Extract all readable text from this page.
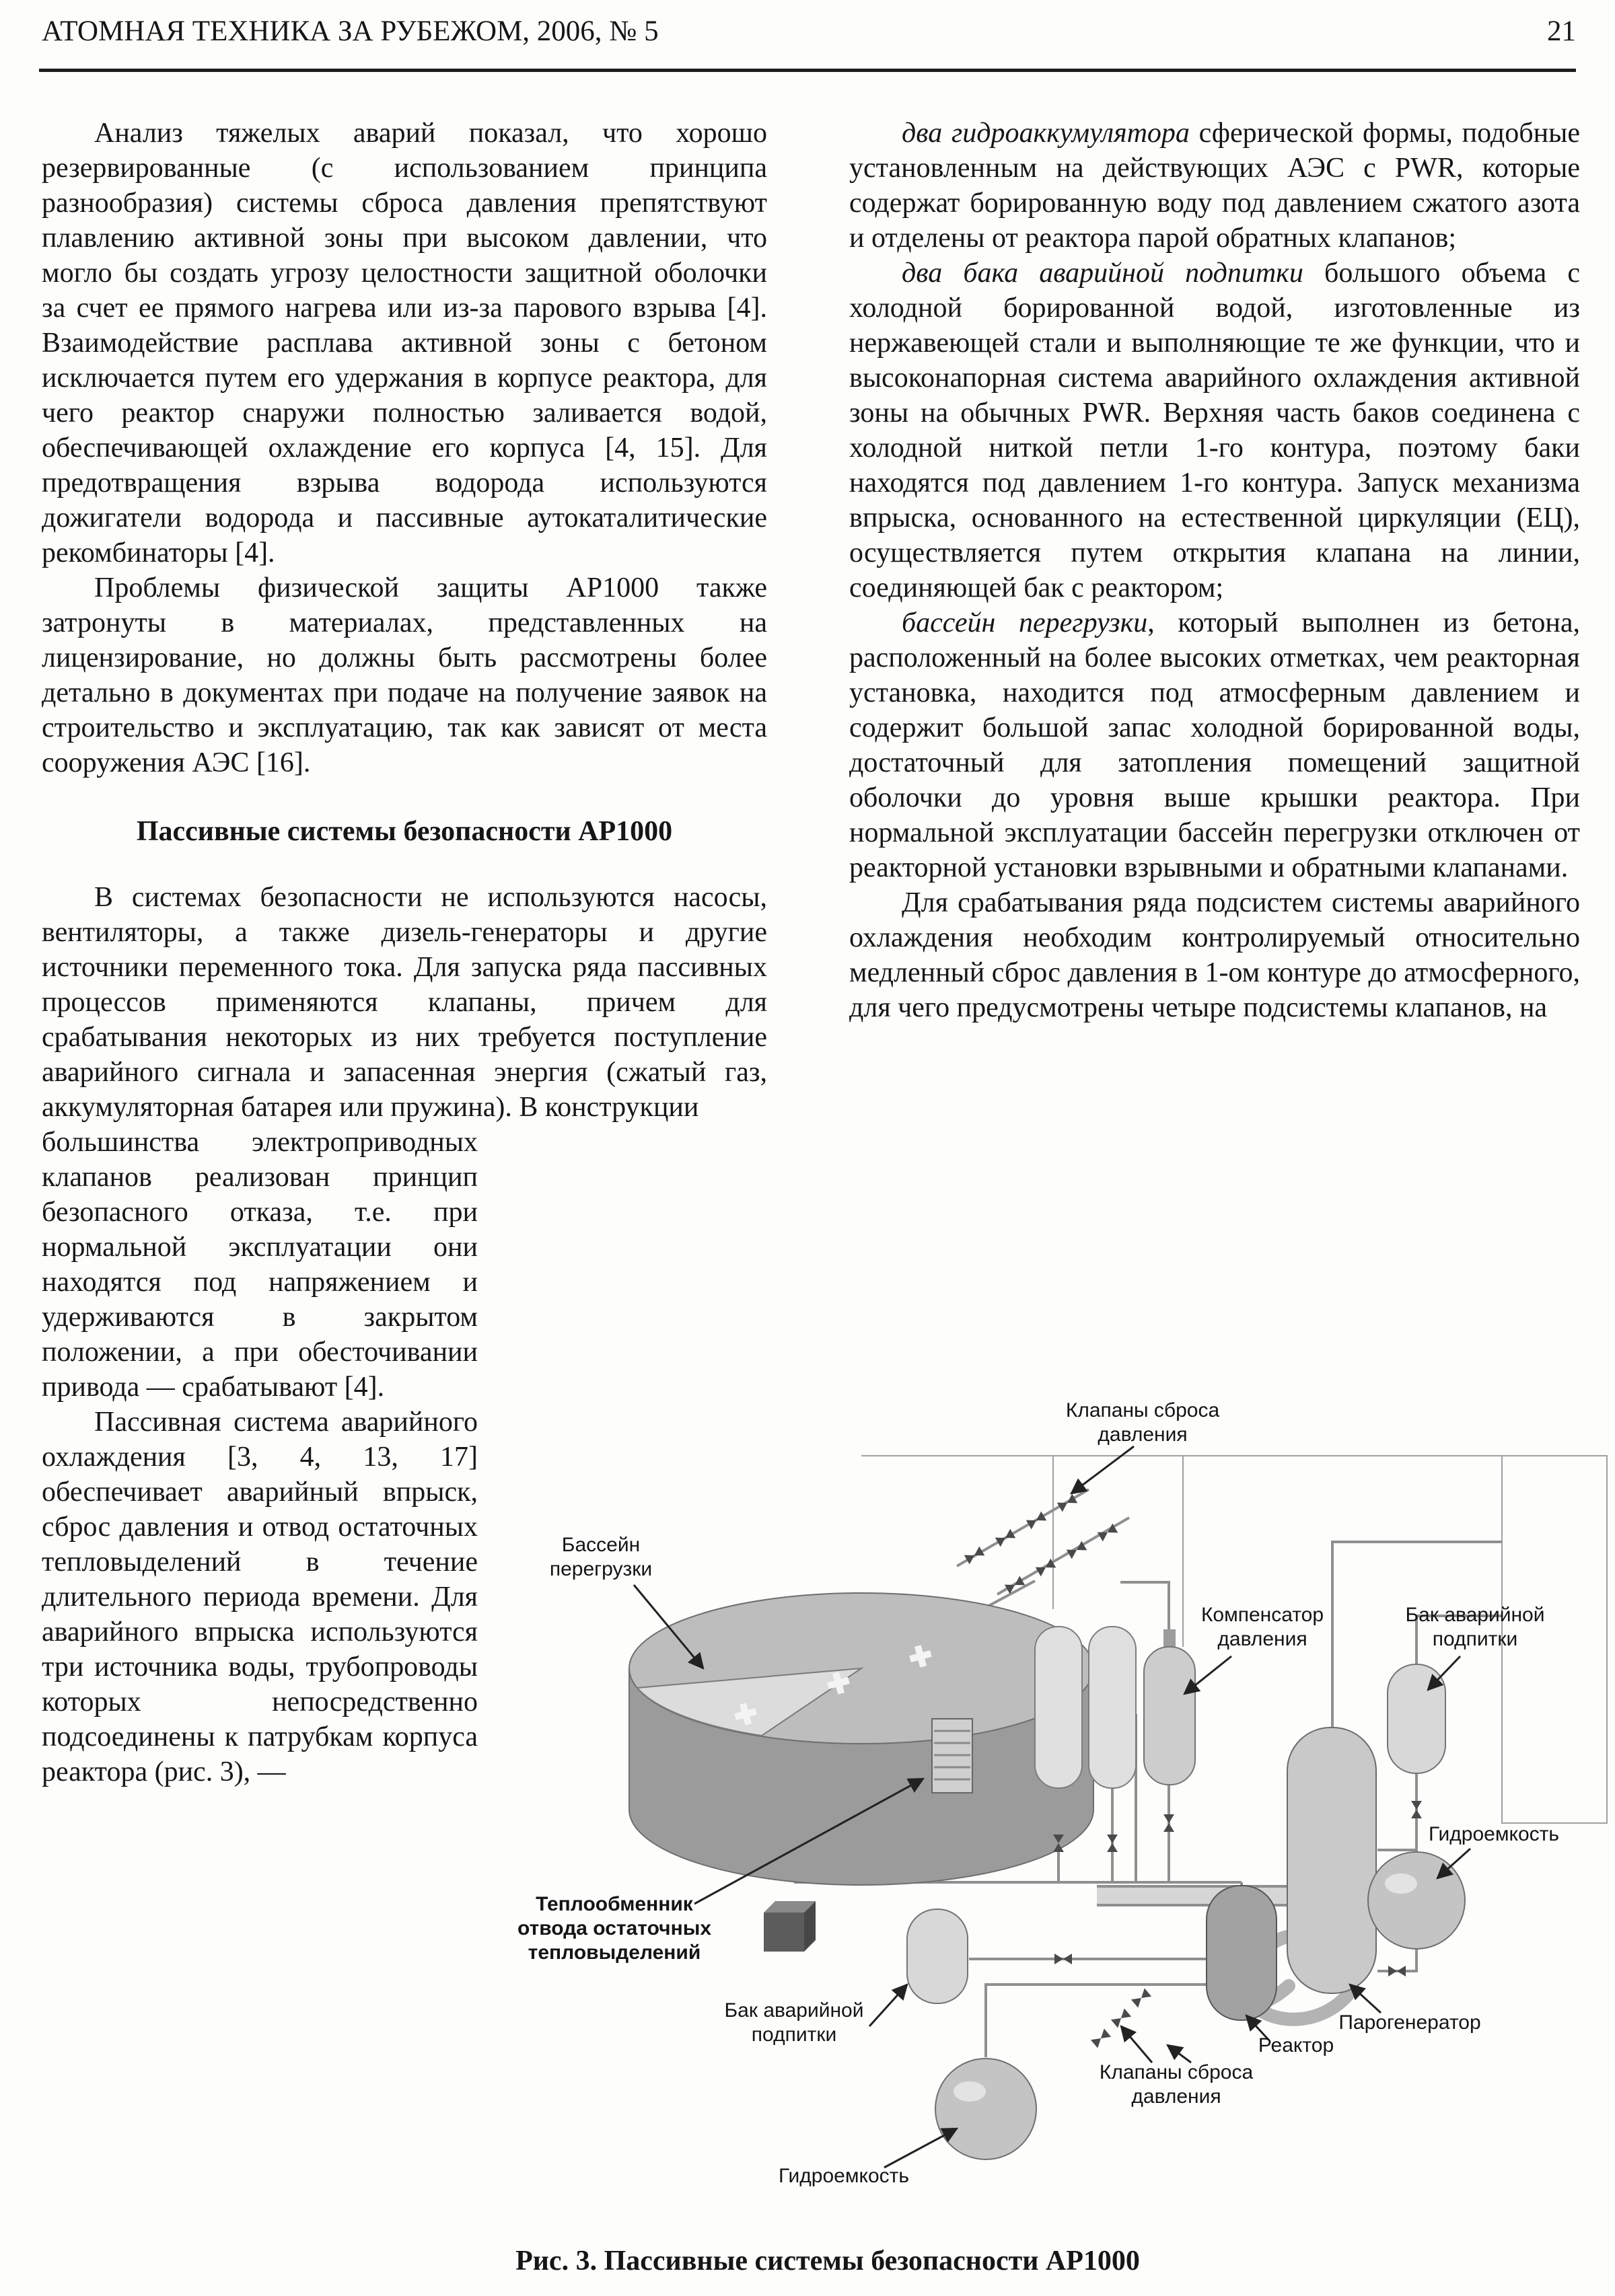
АТОМНАЯ ТЕХНИКА ЗА РУБЕЖОМ, 2006, № 5	21

Анализ тяжелых аварий показал, что хорошо резервированные (с использованием принципа разнообразия) системы сброса давления препятствуют плавлению активной зоны при высоком давлении, что могло бы создать угрозу целостности защитной оболочки за счет ее прямого нагрева или из-за парового взрыва [4]. Взаимодействие расплава активной зоны с бетоном исключается путем его удержания в корпусе реактора, для чего реактор снаружи полностью заливается водой, обеспечивающей охлаждение его корпуса [4, 15]. Для предотвращения взрыва водорода используются дожигатели водорода и пассивные аутокаталитические рекомбинаторы [4].

Проблемы физической защиты АР1000 также затронуты в материалах, представленных на лицензирование, но должны быть рассмотрены более детально в документах при подаче на получение заявок на строительство и эксплуатацию, так как зависят от места сооружения АЭС [16].

Пассивные системы безопасности АР1000

В системах безопасности не используются насосы, вентиляторы, а также дизель-генераторы и другие источники переменного тока. Для запуска ряда пассивных процессов применяются клапаны, причем для срабатывания некоторых из них требуется поступление аварийного сигнала и запасенная энергия (сжатый газ, аккумуляторная батарея или пружина). В конструкции

большинства электроприводных клапанов реализован принцип безопасного отказа, т.е. при нормальной эксплуатации они находятся под напряжением и удерживаются в закрытом положении, а при обесточивании привода — срабатывают [4].

Пассивная система аварийного охлаждения [3, 4, 13, 17] обеспечивает аварийный впрыск, сброс давления и отвод остаточных тепловыделений в течение длительного периода времени. Для аварийного впрыска используются три источника воды, трубопроводы которых непосредственно подсоединены к патрубкам корпуса реактора (рис. 3), —

два гидроаккумулятора сферической формы, подобные установленным на действующих АЭС с PWR, которые содержат борированную воду под давлением сжатого азота и отделены от реактора парой обратных клапанов;

два бака аварийной подпитки большого объема с холодной борированной водой, изготовленные из нержавеющей стали и выполняющие те же функции, что и высоконапорная система аварийного охлаждения активной зоны на обычных PWR. Верхняя часть баков соединена с холодной ниткой петли 1-го контура, поэтому баки находятся под давлением 1-го контура. Запуск механизма впрыска, основанного на естественной циркуляции (ЕЦ), осуществляется путем открытия клапана на линии, соединяющей бак с реактором;

бассейн перегрузки, который выполнен из бетона, расположенный на более высоких отметках, чем реакторная установка, находится под атмосферным давлением и содержит большой запас холодной борированной воды, достаточный для затопления помещений защитной оболочки до уровня выше крышки реактора. При нормальной эксплуатации бассейн перегрузки отключен от реакторной установки взрывными и обратными клапанами.

Для срабатывания ряда подсистем системы аварийного охлаждения необходим контролируемый относительно медленный сброс давления в 1-ом контуре до атмосферного, для чего предусмотрены четыре подсистемы клапанов, на

Клапаны сброса
давления
Бассейн
перегрузки
Компенсатор
давления
Бак аварийной
подпитки
Гидроемкость
Теплообменник
отвода остаточных
тепловыделений
Бак аварийной
подпитки	Реактор
Парогенератор
Клапаны сброса
давления
Гидроемкость
Рис. 3. Пассивные системы безопасности АР1000
